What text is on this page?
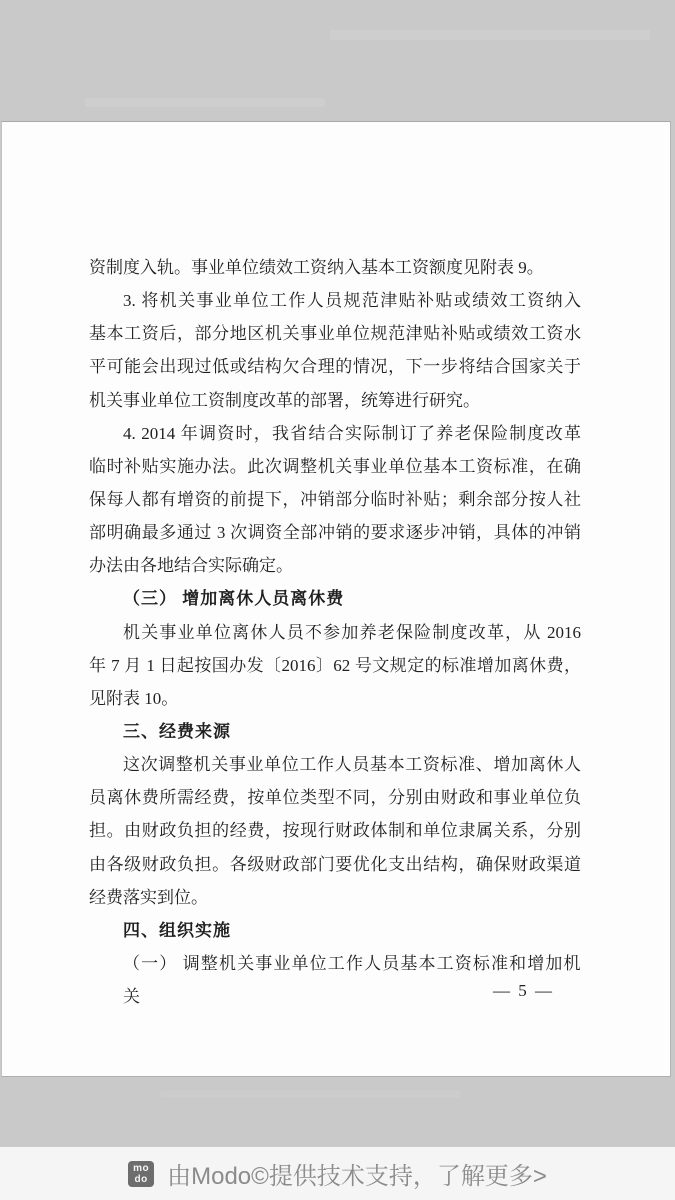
资制度入轨。事业单位绩效工资纳入基本工资额度见附表 9。
3. 将机关事业单位工作人员规范津贴补贴或绩效工资纳入
基本工资后，部分地区机关事业单位规范津贴补贴或绩效工资水
平可能会出现过低或结构欠合理的情况，下一步将结合国家关于
机关事业单位工资制度改革的部署，统筹进行研究。
4. 2014 年调资时，我省结合实际制订了养老保险制度改革
临时补贴实施办法。此次调整机关事业单位基本工资标准，在确
保每人都有增资的前提下，冲销部分临时补贴；剩余部分按人社
部明确最多通过 3 次调资全部冲销的要求逐步冲销，具体的冲销
办法由各地结合实际确定。
（三） 增加离休人员离休费
机关事业单位离休人员不参加养老保险制度改革，从 2016
年 7 月 1 日起按国办发〔2016〕62 号文规定的标准增加离休费，
见附表 10。
三、经费来源
这次调整机关事业单位工作人员基本工资标准、增加离休人
员离休费所需经费，按单位类型不同，分别由财政和事业单位负
担。由财政负担的经费，按现行财政体制和单位隶属关系，分别
由各级财政负担。各级财政部门要优化支出结构，确保财政渠道
经费落实到位。
四、组织实施
（一） 调整机关事业单位工作人员基本工资标准和增加机关	— 5 —
mo
do 由Modo©提供技术支持，了解更多>
